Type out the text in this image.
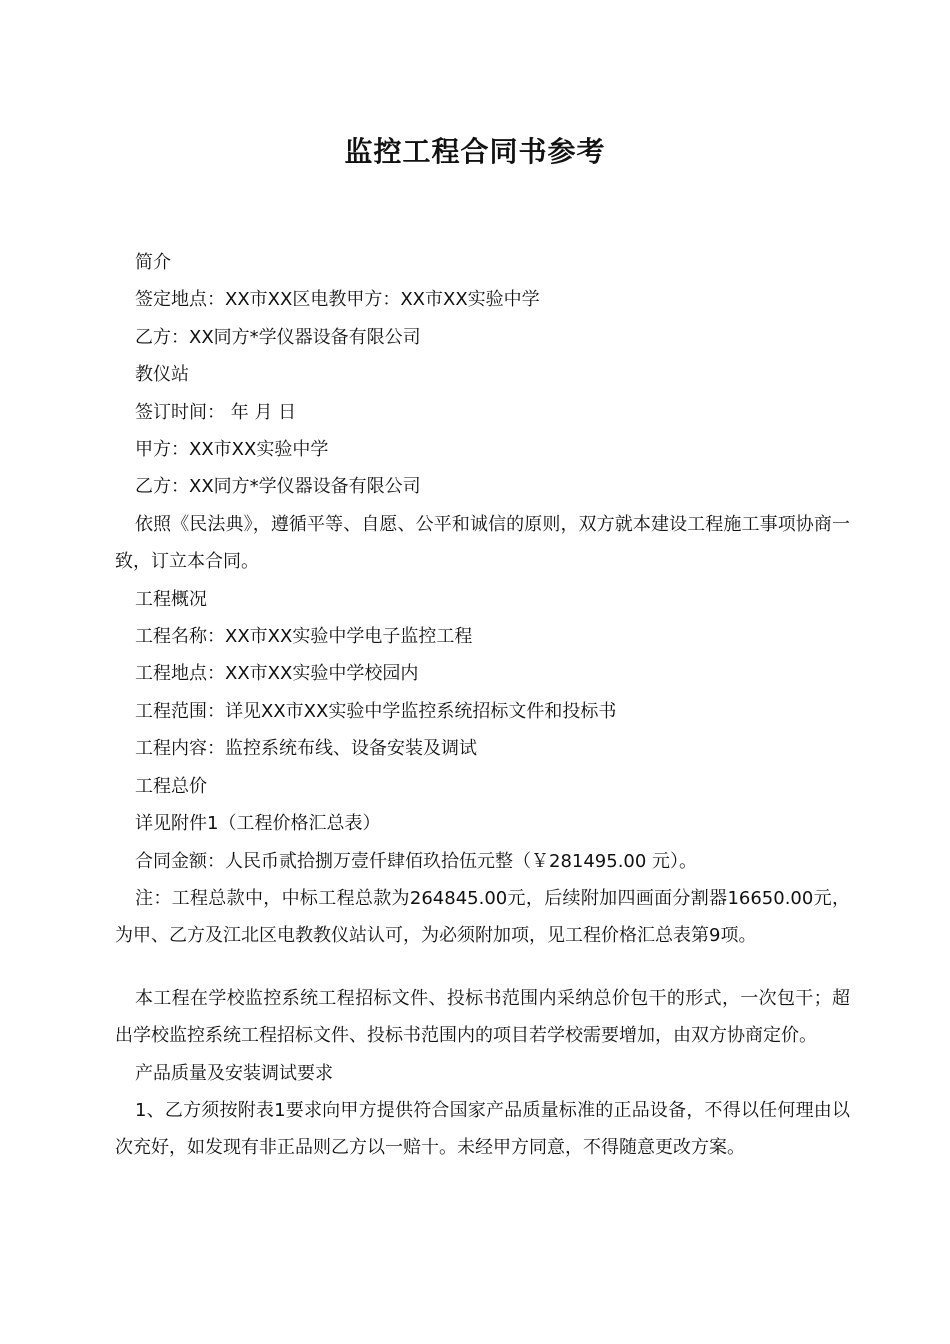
监控工程合同书参考

简介

签定地点：XX市XX区电教甲方：XX市XX实验中学

乙方：XX同方*学仪器设备有限公司

教仪站

签订时间： 年 月 日

甲方：XX市XX实验中学

乙方：XX同方*学仪器设备有限公司

依照《民法典》，遵循平等、自愿、公平和诚信的原则，双方就本建设工程施工事项协商一致，订立本合同。

工程概况

工程名称：XX市XX实验中学电子监控工程

工程地点：XX市XX实验中学校园内

工程范围：详见XX市XX实验中学监控系统招标文件和投标书

工程内容：监控系统布线、设备安装及调试

工程总价

详见附件1（工程价格汇总表）

合同金额：人民币贰拾捌万壹仟肆佰玖拾伍元整（￥281495.00 元）。

注：工程总款中，中标工程总款为264845.00元，后续附加四画面分割器16650.00元，为甲、乙方及江北区电教教仪站认可，为必须附加项，见工程价格汇总表第9项。

本工程在学校监控系统工程招标文件、投标书范围内采纳总价包干的形式，一次包干；超出学校监控系统工程招标文件、投标书范围内的项目若学校需要增加，由双方协商定价。

产品质量及安装调试要求

1、乙方须按附表1要求向甲方提供符合国家产品质量标准的正品设备，不得以任何理由以次充好，如发现有非正品则乙方以一赔十。未经甲方同意，不得随意更改方案。
